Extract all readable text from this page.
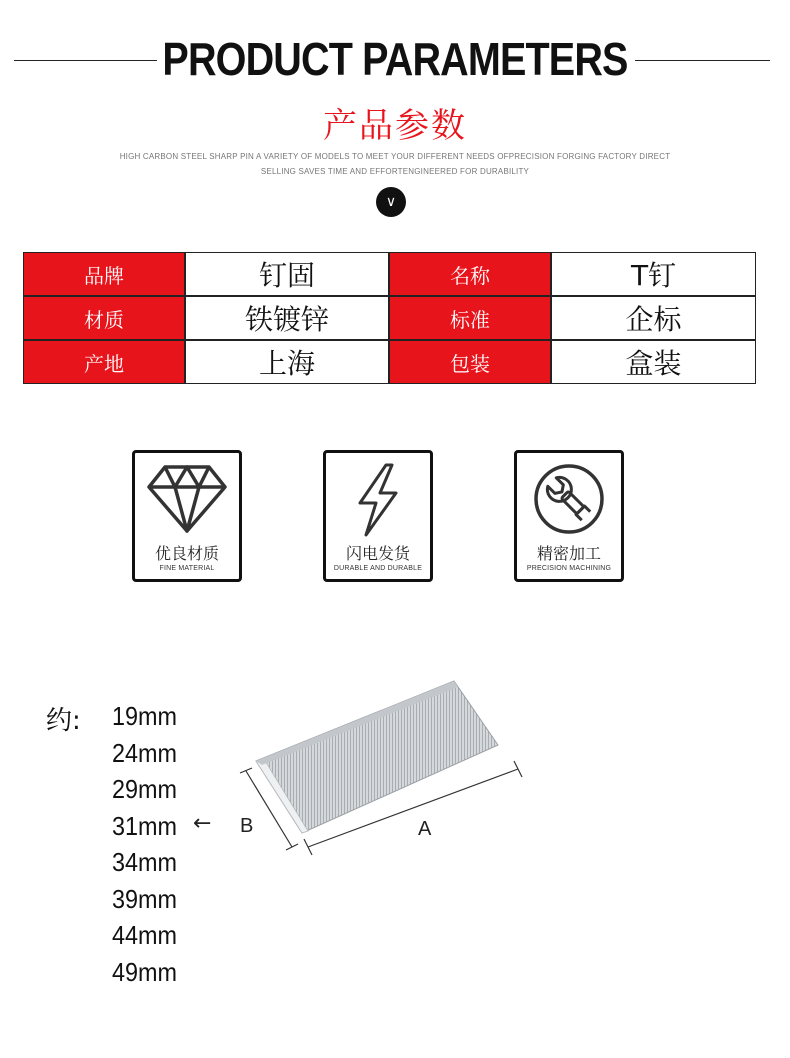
PRODUCT PARAMETERS
产品参数
HIGH CARBON STEEL SHARP PIN A VARIETY OF MODELS TO MEET YOUR DIFFERENT NEEDS OFPRECISION FORGING FACTORY DIRECT
SELLING SAVES TIME AND EFFORTENGINEERED FOR DURABILITY
∨
品牌	钉固	名称	T钉
材质	铁镀锌	标准	企标
产地	上海	包装	盒装
优良材质
FINE MATERIAL
闪电发货
DURABLE AND DURABLE
精密加工
PRECISION MACHINING
约: 19mm
24mm
29mm
31mm
34mm
39mm
44mm
49mm
← B	A
